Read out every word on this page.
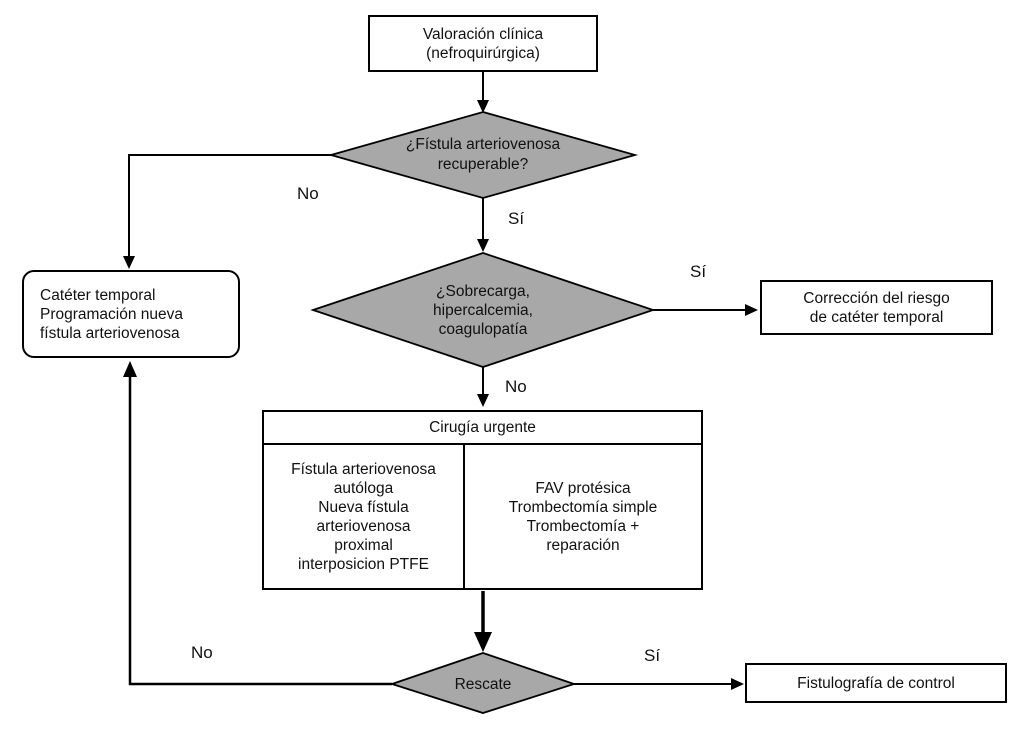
Valoración clínica
(nefroquirúrgica)
¿Fístula arteriovenosa
recuperable?
Catéter temporal
Programación nueva
fístula arteriovenosa
¿Sobrecarga,
hipercalcemia,
coagulopatía
Corrección del riesgo
de catéter temporal
Cirugía urgente
Fístula arteriovenosa
autóloga
Nueva fístula
arteriovenosa
proximal
interposicion PTFE
FAV protésica
Trombectomía simple
Trombectomía +
reparación
Rescate	Fistulografía de control
No
Sí
Sí
No
No	Sí
